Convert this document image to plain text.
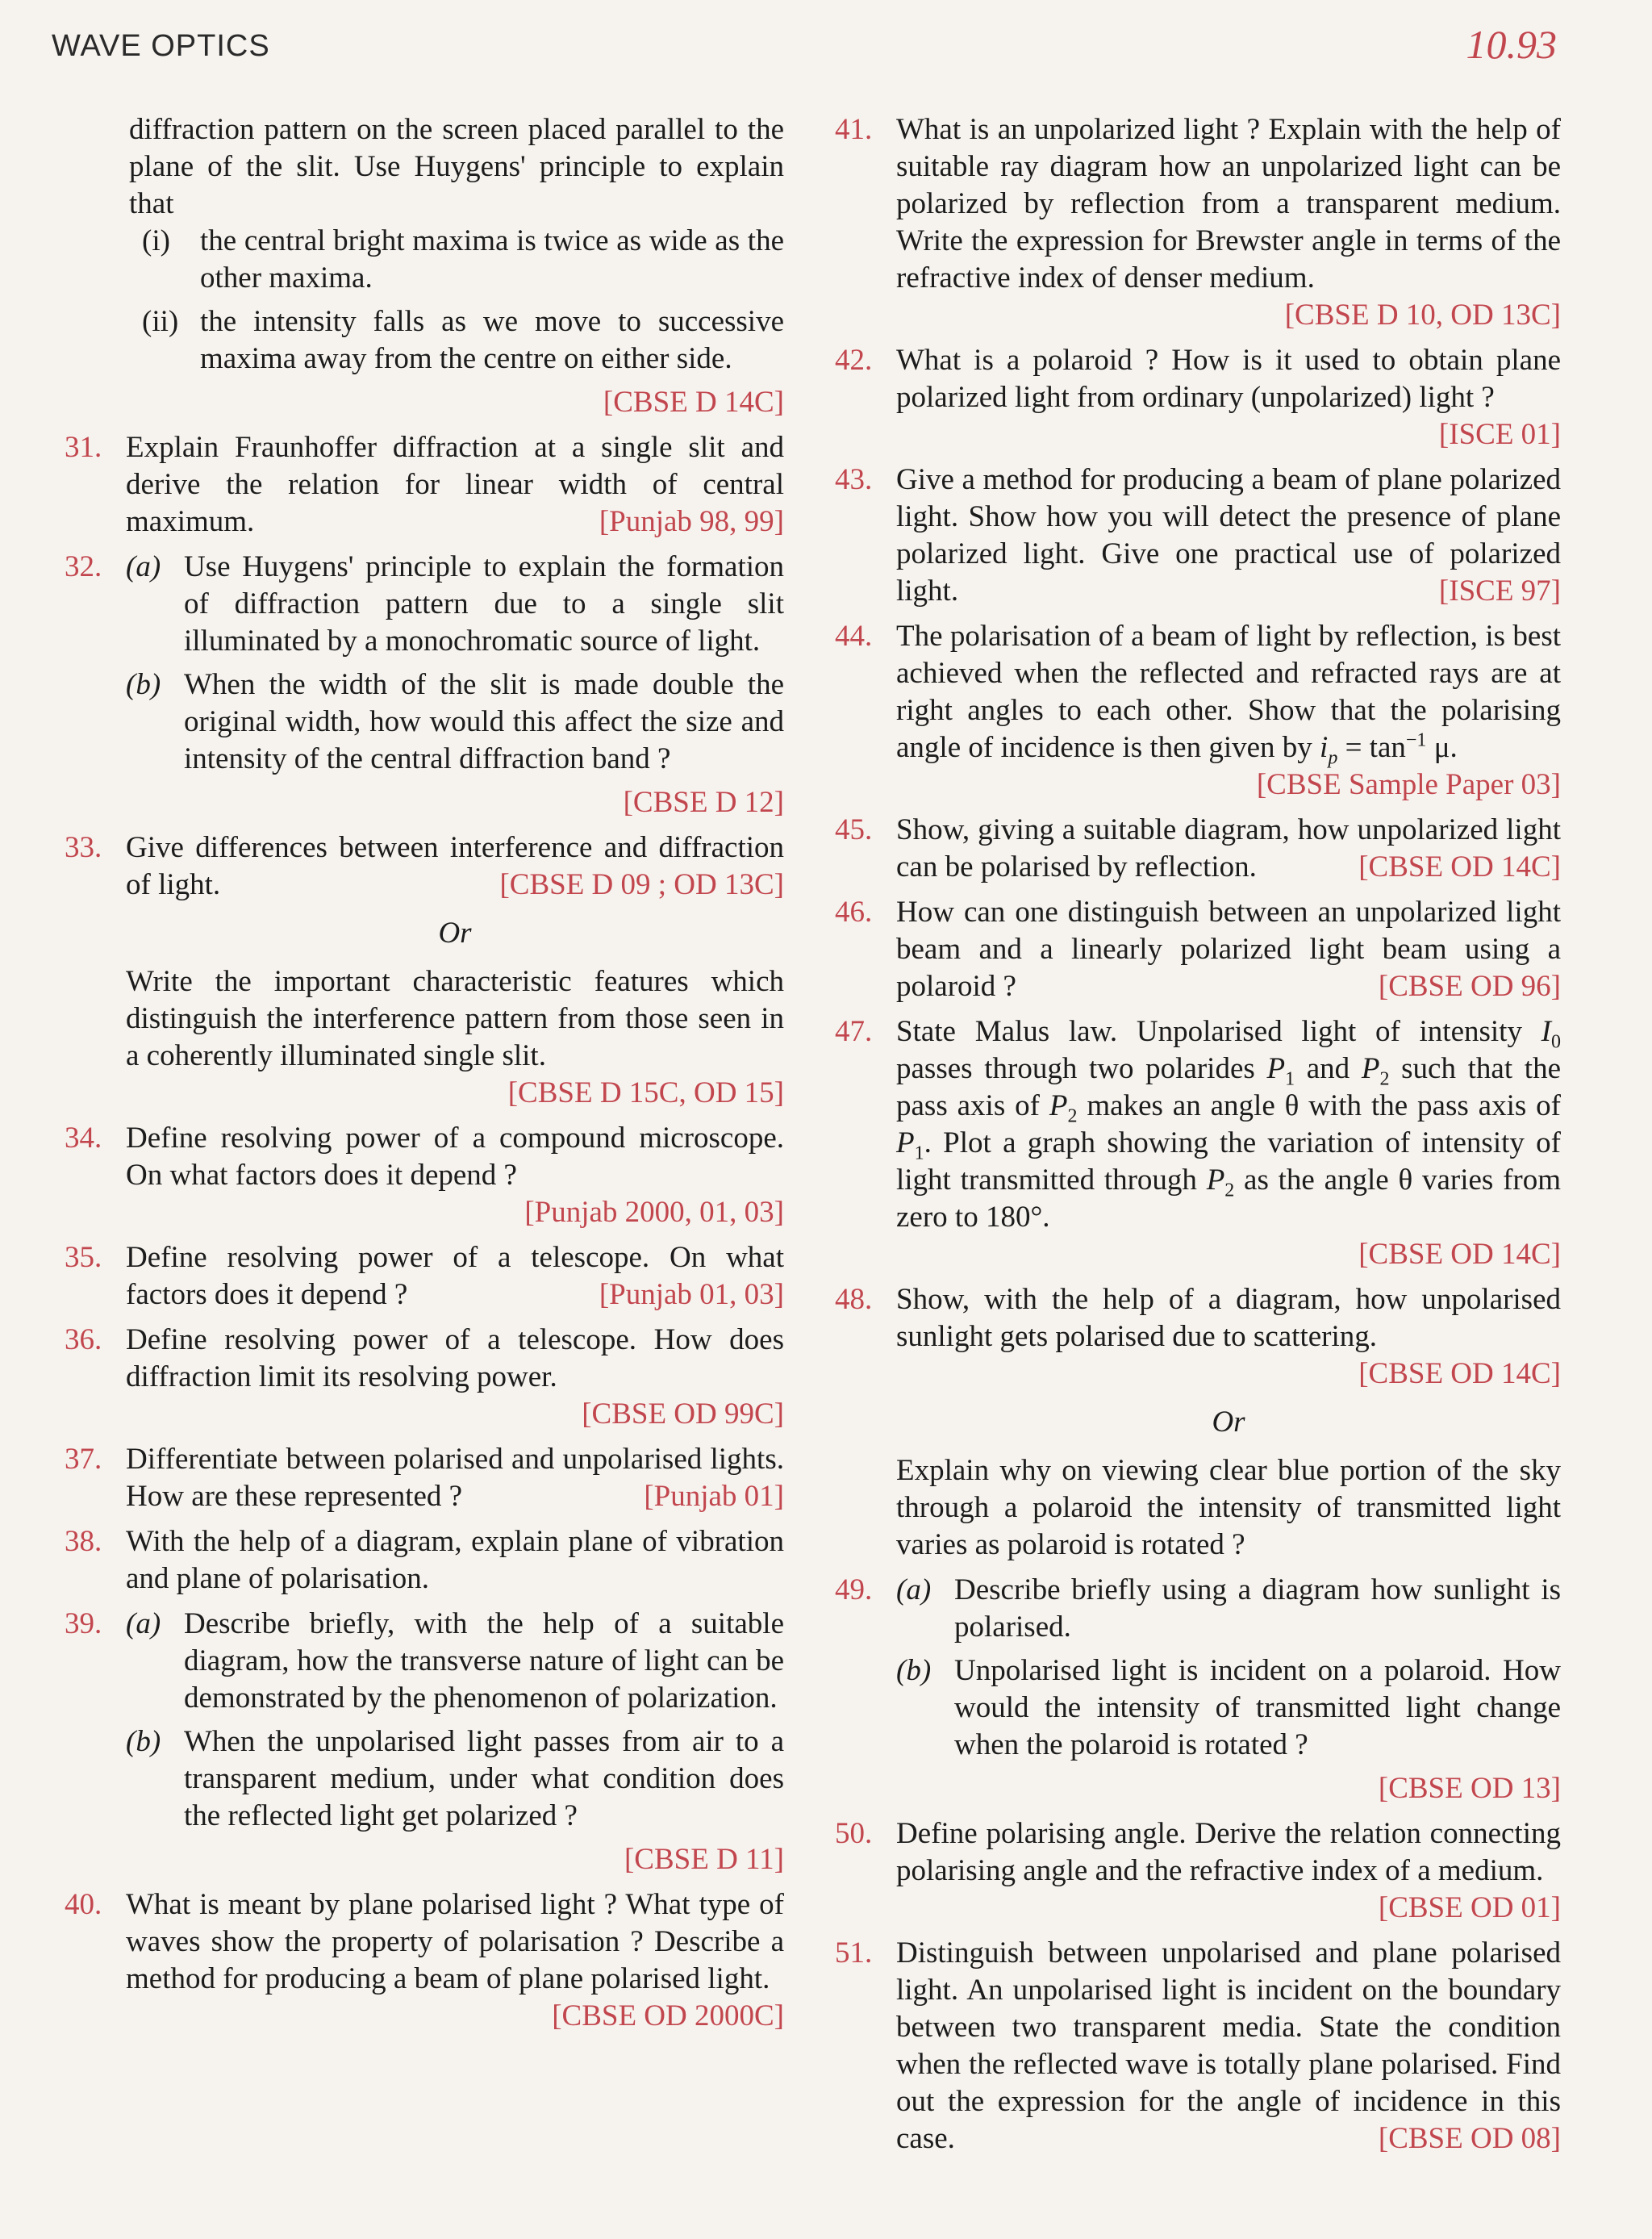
WAVE OPTICS	10.93
diffraction pattern on the screen placed parallel to the plane of the slit. Use Huygens' principle to explain that
(i) the central bright maxima is twice as wide as the other maxima.
(ii) the intensity falls as we move to successive maxima away from the centre on either side.
[CBSE D 14C]
31. Explain Fraunhoffer diffraction at a single slit and derive the relation for linear width of central maximum.	[Punjab 98, 99]
32. (a) Use Huygens' principle to explain the formation of diffraction pattern due to a single slit illuminated by a monochromatic source of light.
(b) When the width of the slit is made double the original width, how would this affect the size and intensity of the central diffraction band ?
[CBSE D 12]
33. Give differences between interference and diffraction of light.	[CBSE D 09 ; OD 13C]
Or
Write the important characteristic features which distinguish the interference pattern from those seen in a coherently illuminated single slit.
[CBSE D 15C, OD 15]
34. Define resolving power of a compound microscope. On what factors does it depend ?
[Punjab 2000, 01, 03]
35. Define resolving power of a telescope. On what factors does it depend ?	[Punjab 01, 03]
36. Define resolving power of a telescope. How does diffraction limit its resolving power.
[CBSE OD 99C]
37. Differentiate between polarised and unpolarised lights. How are these represented ?	[Punjab 01]
38. With the help of a diagram, explain plane of vibration and plane of polarisation.
39. (a) Describe briefly, with the help of a suitable diagram, how the transverse nature of light can be demonstrated by the phenomenon of polarization.
(b) When the unpolarised light passes from air to a transparent medium, under what condition does the reflected light get polarized ?
[CBSE D 11]
40. What is meant by plane polarised light ? What type of waves show the property of polarisation ? Describe a method for producing a beam of plane polarised light.
[CBSE OD 2000C]
41. What is an unpolarized light ? Explain with the help of suitable ray diagram how an unpolarized light can be polarized by reflection from a transparent medium. Write the expression for Brewster angle in terms of the refractive index of denser medium.
[CBSE D 10, OD 13C]
42. What is a polaroid ? How is it used to obtain plane polarized light from ordinary (unpolarized) light ?
[ISCE 01]
43. Give a method for producing a beam of plane polarized light. Show how you will detect the presence of plane polarized light. Give one practical use of polarized light.	[ISCE 97]
44. The polarisation of a beam of light by reflection, is best achieved when the reflected and refracted rays are at right angles to each other. Show that the polarising angle of incidence is then given by $i_p = \tan^{-1} \mu$.
[CBSE Sample Paper 03]
45. Show, giving a suitable diagram, how unpolarized light can be polarised by reflection.	[CBSE OD 14C]
46. How can one distinguish between an unpolarized light beam and a linearly polarized light beam using a polaroid ?	[CBSE OD 96]
47. State Malus law. Unpolarised light of intensity $I_0$ passes through two polarides $P_1$ and $P_2$ such that the pass axis of $P_2$ makes an angle θ with the pass axis of $P_1$. Plot a graph showing the variation of intensity of light transmitted through $P_2$ as the angle θ varies from zero to 180°.
[CBSE OD 14C]
48. Show, with the help of a diagram, how unpolarised sunlight gets polarised due to scattering.
[CBSE OD 14C]
Or
Explain why on viewing clear blue portion of the sky through a polaroid the intensity of transmitted light varies as polaroid is rotated ?
49. (a) Describe briefly using a diagram how sunlight is polarised.
(b) Unpolarised light is incident on a polaroid. How would the intensity of transmitted light change when the polaroid is rotated ?
[CBSE OD 13]
50. Define polarising angle. Derive the relation connecting polarising angle and the refractive index of a medium.
[CBSE OD 01]
51. Distinguish between unpolarised and plane polarised light. An unpolarised light is incident on the boundary between two transparent media. State the condition when the reflected wave is totally plane polarised. Find out the expression for the angle of incidence in this case.	[CBSE OD 08]
